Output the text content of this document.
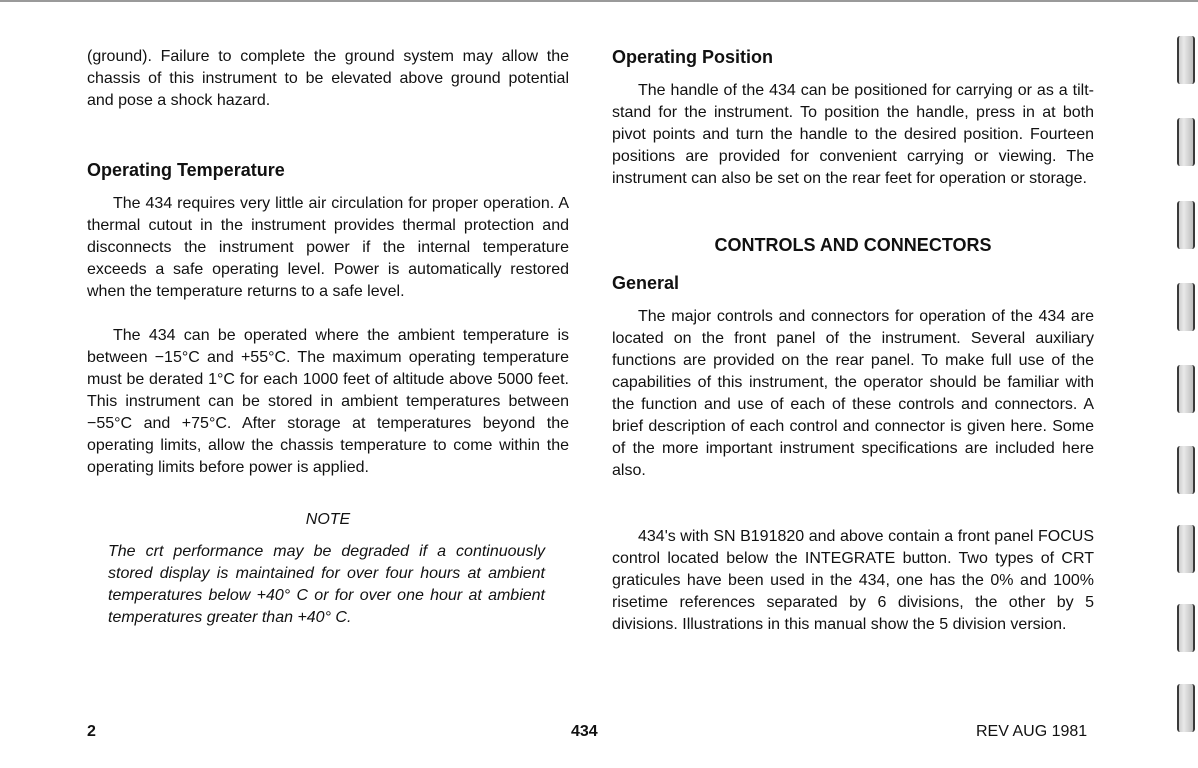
(ground). Failure to complete the ground system may allow the chassis of this instrument to be elevated above ground potential and pose a shock hazard.

Operating Temperature

The 434 requires very little air circulation for proper operation. A thermal cutout in the instrument provides thermal protection and disconnects the instrument power if the internal temperature exceeds a safe operating level. Power is automatically restored when the temperature returns to a safe level.

The 434 can be operated where the ambient temperature is between −15°C and +55°C. The maximum operating temperature must be derated 1°C for each 1000 feet of altitude above 5000 feet. This instrument can be stored in ambient temperatures between −55°C and +75°C. After storage at temperatures beyond the operating limits, allow the chassis temperature to come within the operating limits before power is applied.

NOTE

The crt performance may be degraded if a continuously stored display is maintained for over four hours at ambient temperatures below +40° C or for over one hour at ambient temperatures greater than +40° C.

Operating Position

The handle of the 434 can be positioned for carrying or as a tilt-stand for the instrument. To position the handle, press in at both pivot points and turn the handle to the desired position. Fourteen positions are provided for convenient carrying or viewing. The instrument can also be set on the rear feet for operation or storage.

CONTROLS AND CONNECTORS

General

The major controls and connectors for operation of the 434 are located on the front panel of the instrument. Several auxiliary functions are provided on the rear panel. To make full use of the capabilities of this instrument, the operator should be familiar with the function and use of each of these controls and connectors. A brief description of each control and connector is given here. Some of the more important instrument specifications are included here also.

434's with SN B191820 and above contain a front panel FOCUS control located below the INTEGRATE button. Two types of CRT graticules have been used in the 434, one has the 0% and 100% risetime references separated by 6 divisions, the other by 5 divisions. Illustrations in this manual show the 5 division version.

2	434	REV AUG 1981
